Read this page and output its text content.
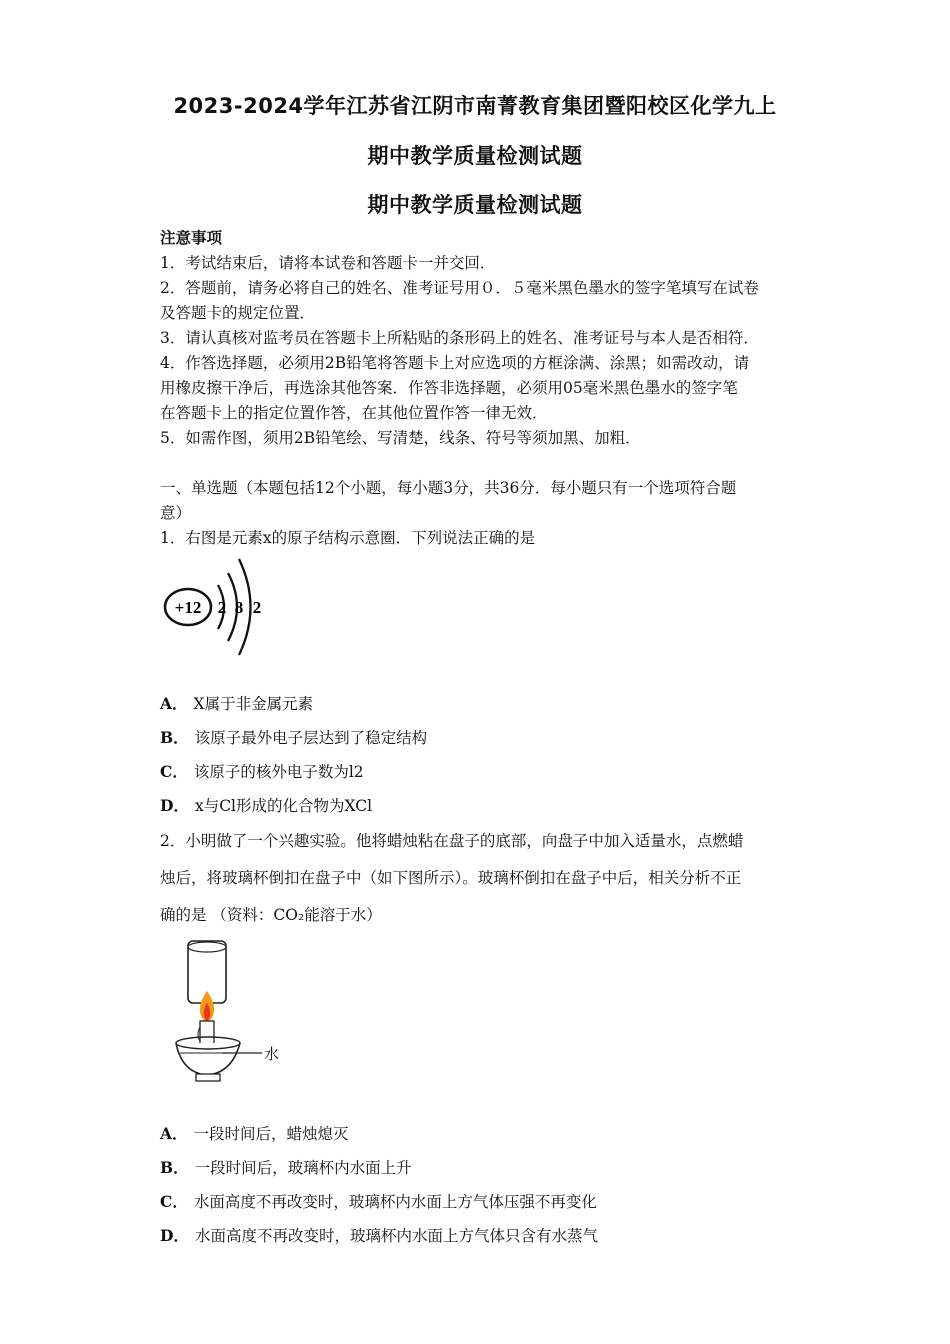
2023-2024学年江苏省江阴市南菁教育集团暨阳校区化学九上
期中教学质量检测试题
期中教学质量检测试题
注意事项
1．考试结束后，请将本试卷和答题卡一并交回．
2．答题前，请务必将自己的姓名、准考证号用０．５毫米黑色墨水的签字笔填写在试卷
及答题卡的规定位置．
3．请认真核对监考员在答题卡上所粘贴的条形码上的姓名、准考证号与本人是否相符．
4．作答选择题，必须用2B铅笔将答题卡上对应选项的方框涂满、涂黑；如需改动，请
用橡皮擦干净后，再选涂其他答案．作答非选择题，必须用05毫米黑色墨水的签字笔
在答题卡上的指定位置作答，在其他位置作答一律无效．
5．如需作图，须用2B铅笔绘、写清楚，线条、符号等须加黑、加粗．
一、单选题（本题包括12个小题，每小题3分，共36分．每小题只有一个选项符合题
意）
1．右图是元素x的原子结构示意圈．下列说法正确的是
+12 2 8 2
A． X属于非金属元素
B． 该原子最外电子层达到了稳定结构
C． 该原子的核外电子数为l2
D． x与Cl形成的化合物为XCl
2．小明做了一个兴趣实验。他将蜡烛粘在盘子的底部，向盘子中加入适量水，点燃蜡
烛后，将玻璃杯倒扣在盘子中（如下图所示）。玻璃杯倒扣在盘子中后，相关分析不正
确的是 （资料：CO₂能溶于水）
水
A． 一段时间后，蜡烛熄灭
B． 一段时间后，玻璃杯内水面上升
C． 水面高度不再改变时，玻璃杯内水面上方气体压强不再变化
D． 水面高度不再改变时，玻璃杯内水面上方气体只含有水蒸气
